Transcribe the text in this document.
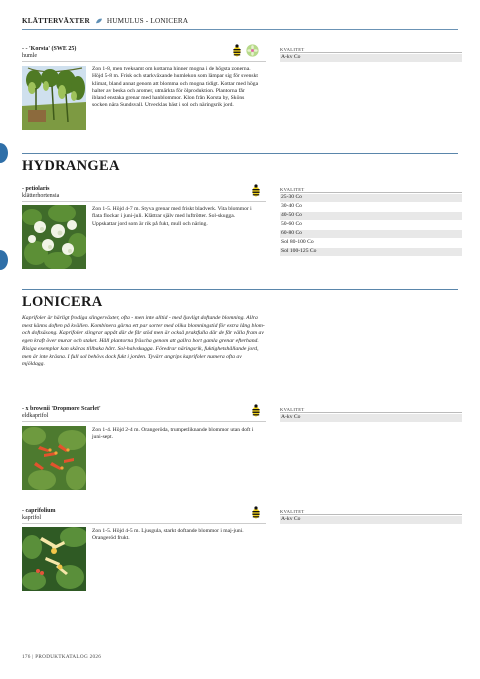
KLÄTTERVÄXTER HUMULUS - LONICERA
- - 'Korsta' (SWE 25)
humle
Zon 1-8, men tveksamt om kottarna hinner mogna i de högsta zonerna. Höjd 5-8 m. Frisk och starkväxande humlekon som lämpar sig för svenskt klimat, bland annat genom att blomma och mogna tidigt. Kottar med höga halter av beska och aromer, utmärkta för ölproduktion. Plantorna får ibland enstaka grenar med hanblommor. Klon från Korsta by, Sköns socken nära Sundsvall. Utvecklas bäst i sol och näringsrik jord.
KVALITET
A-kv Co
HYDRANGEA
- petiolaris
klätterhortensia
Zon 1-5. Höjd 4-7 m. Styva grenar med friskt bladverk. Vita blommor i flata flockar i juni-juli. Klättrar själv med luftrötter. Sol-skugga. Uppskattar jord som är rik på fukt, mull och näring.
KVALITET
25-30 Co
30-40 Co
40-50 Co
50-60 Co
60-80 Co
Sol 80-100 Co
Sol 100-125 Co
LONICERA
Kaprifoler är härligt frodiga slingerväxter, ofta - men inte alltid - med ljuvligt doftande blomning. Allra mest känns doften på kvällen. Kombinera gärna ett par sorter med olika blomningstid för extra lång blom- och doftsäsong. Kaprifoler slingrar uppåt där de får stöd men är också praktfulla där de får välla fram av egen kraft över murar och staket. Håll plantorna fräscha genom att gallra bort gamla grenar efterhand. Risiga exemplar kan skäras tillbaka hårt. Sol-halvskugga. Föredrar näringsrik, fuktighetshållande jord, men är inte kräsna. I full sol behövs dock fukt i jorden. Tyvärr angrips kaprifoler numera ofta av mjöldagg.
- x brownii 'Dropmore Scarlet'
eldkaprifol
Zon 1-4. Höjd 2-4 m. Orangeröda, trumpetliknande blommor utan doft i juni-sept.
KVALITET
A-kv Co
- caprifolium
kaprifol
Zon 1-5. Höjd 4-5 m. Ljusgula, starkt doftande blommor i maj-juni. Orangeröd frukt.
KVALITET
A-kv Co
176 | PRODUKTKATALOG 2026
